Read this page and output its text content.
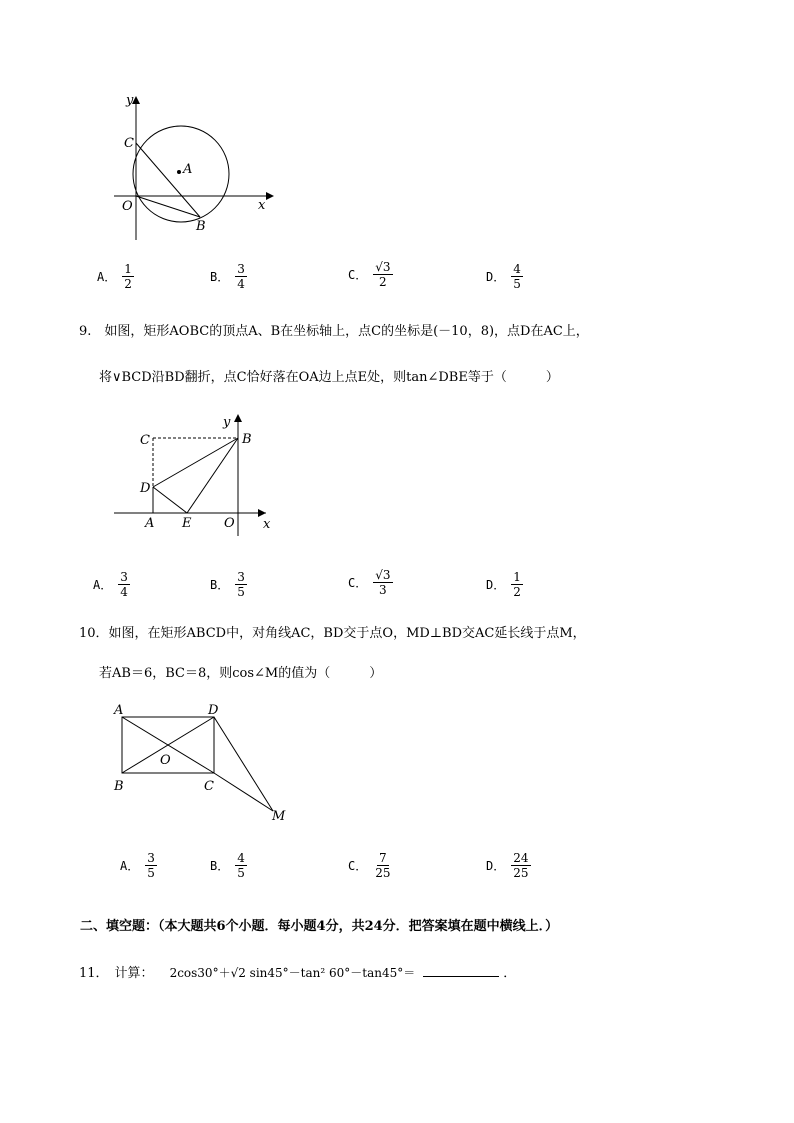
y
x
C
A
O
B
A． $\frac{1}{2}$	B． $\frac{3}{4}$	C． $\frac{√3}{2}$	D． $\frac{4}{5}$
9.　如图，矩形AOBC的顶点A、B在坐标轴上，点C的坐标是(－10，8)，点D在AC上，
将∨BCD沿BD翻折，点C恰好落在OA边上点E处，则tan∠DBE等于（　　　）
y
C	B
D
A E	O x
A． $\frac{3}{4}$	B． $\frac{3}{5}$	C． $\frac{√3}{3}$	D． $\frac{1}{2}$
10．如图，在矩形ABCD中，对角线AC，BD交于点O，MD⊥BD交AC延长线于点M，
若AB＝6，BC＝8，则cos∠M的值为（　　　）
A	D
O
B	C
M
A． $\frac{3}{5}$	B． $\frac{4}{5}$	C． $\frac{7}{25}$	D． $\frac{24}{25}$
二、填空题：（本大题共6个小题．每小题4分，共24分．把答案填在题中横线上．）
11． 计算： 2cos30°＋√2 sin45°－tan² 60°－tan45°＝	．
